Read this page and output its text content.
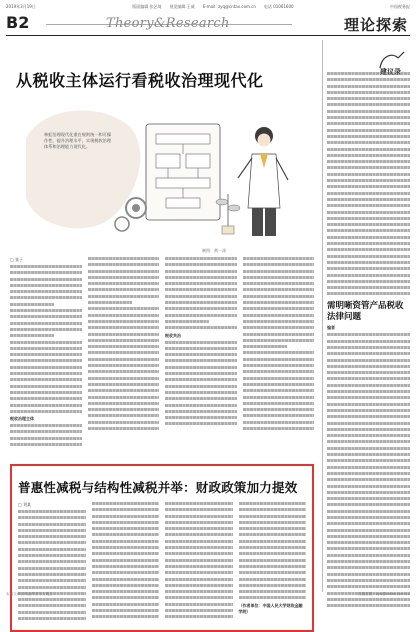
2019年3月19日	版面编辑 张艺琦 视觉编辑 王威 E-mail: zyq@cntax.com.cn 电话 01061600	中国税务报
B2	Theory&Research	理论探索
从税收主体运行看税收治理现代化
林虹治理现代化重在规则统一和可操作性，提升治理水平，实现税收治理体系和治理能力现代化。
制图：黄一涛
□ 张子
税收治理主体
税收共治
普惠性减税与结构性减税并举：财政政策加力提效
□ 刘某
（作者单位：中国人民大学财政金融学院）
需明晰资管产品税收法律问题
编者
本版文章仅代表作者个人观点	投稿邮箱：zyq@cntax.com.cn
